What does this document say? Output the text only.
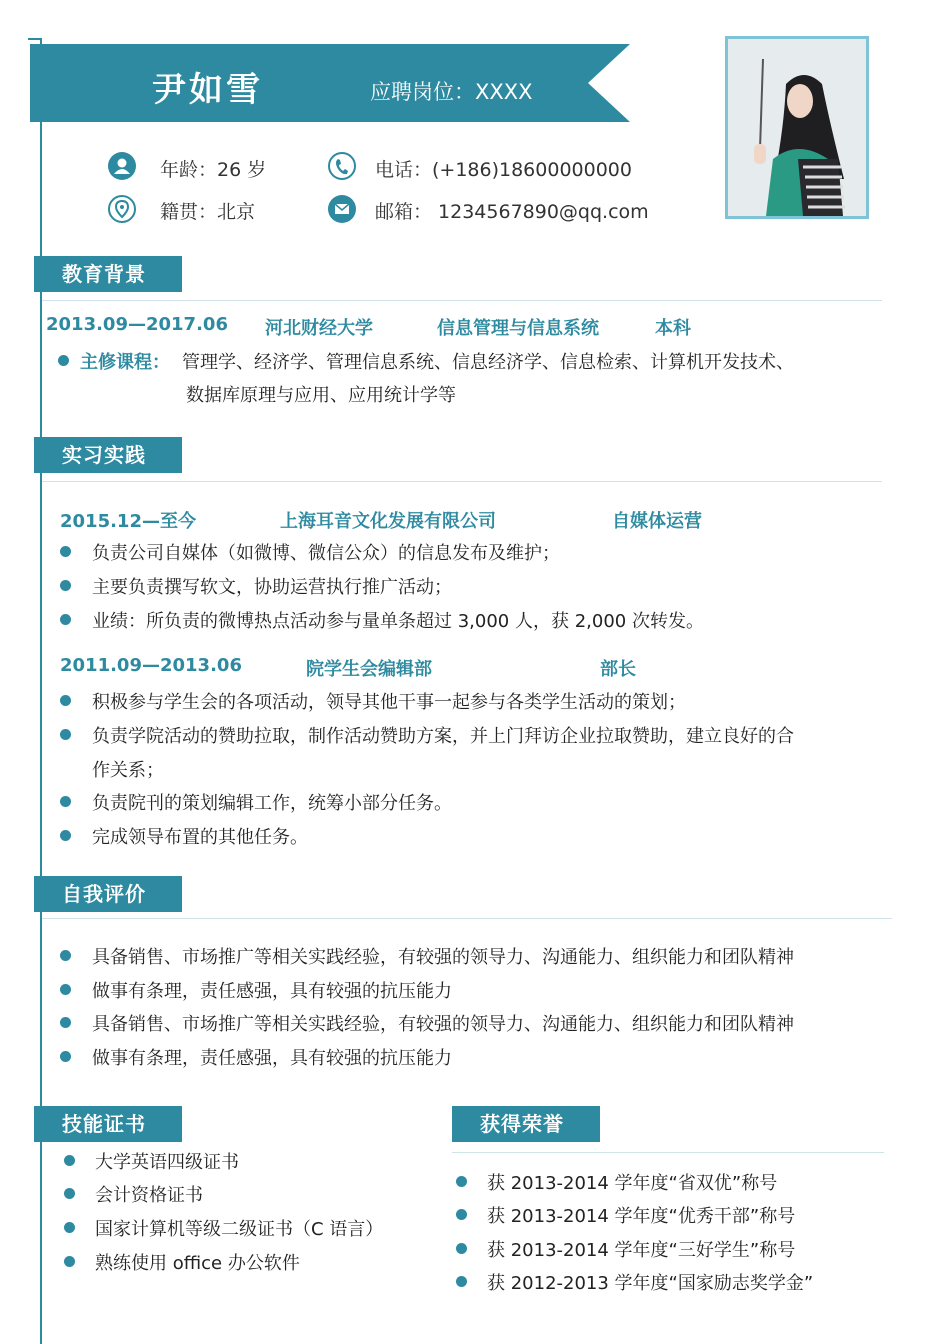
尹如雪	应聘岗位：XXXX
年龄：26 岁	电话：(+186)18600000000
籍贯：北京	邮箱： 1234567890@qq.com
教育背景
2013.09—2017.06 河北财经大学	信息管理与信息系统	本科
主修课程： 管理学、经济学、管理信息系统、信息经济学、信息检索、计算机开发技术、
数据库原理与应用、应用统计学等
实习实践
2015.12—至今	上海耳音文化发展有限公司	自媒体运营
负责公司自媒体（如微博、微信公众）的信息发布及维护；
主要负责撰写软文，协助运营执行推广活动；
业绩：所负责的微博热点活动参与量单条超过 3,000 人，获 2,000 次转发。
2011.09—2013.06	院学生会编辑部	部长
积极参与学生会的各项活动，领导其他干事一起参与各类学生活动的策划；
负责学院活动的赞助拉取，制作活动赞助方案，并上门拜访企业拉取赞助，建立良好的合
作关系；
负责院刊的策划编辑工作，统筹小部分任务。
完成领导布置的其他任务。
自我评价
具备销售、市场推广等相关实践经验，有较强的领导力、沟通能力、组织能力和团队精神
做事有条理，责任感强，具有较强的抗压能力
具备销售、市场推广等相关实践经验，有较强的领导力、沟通能力、组织能力和团队精神
做事有条理，责任感强，具有较强的抗压能力
技能证书
大学英语四级证书
会计资格证书
国家计算机等级二级证书（C 语言）
熟练使用 office 办公软件
获得荣誉
获 2013-2014 学年度“省双优”称号
获 2013-2014 学年度“优秀干部”称号
获 2013-2014 学年度“三好学生”称号
获 2012-2013 学年度“国家励志奖学金”
